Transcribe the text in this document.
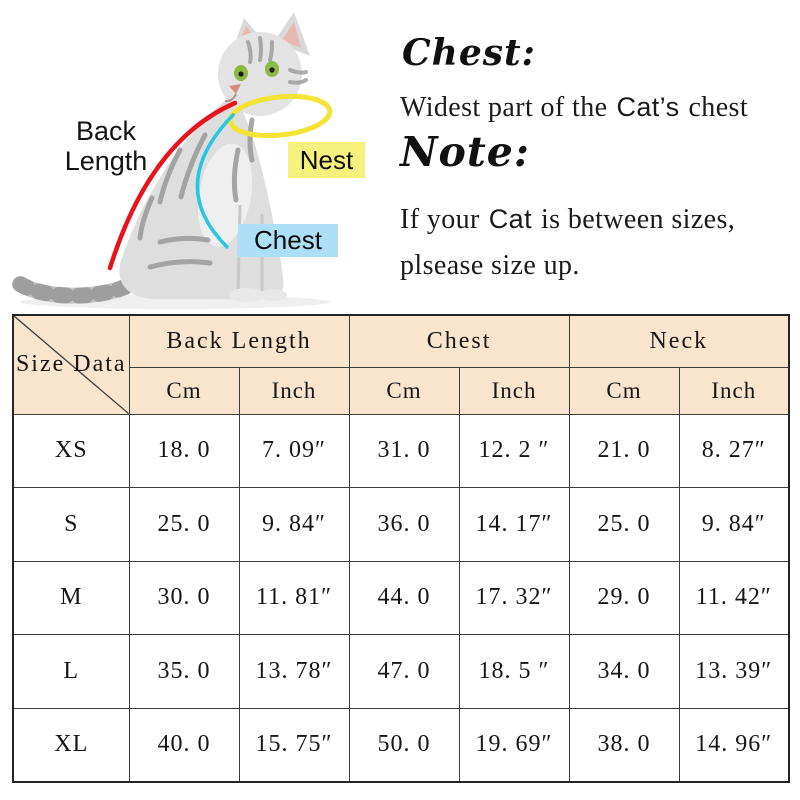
Back
Length	Nest
Chest
Chest:

Widest part of the Cat’s chest

Note:

If your Cat is between sizes,
plsease size up.

Size Data	Back Length		Chest		Neck	
	Cm	Inch	Cm	Inch	Cm	Inch
XS	18. 0	7. 09″	31. 0	12. 2 ″	21. 0	8. 27″
S	25. 0	9. 84″	36. 0	14. 17″	25. 0	9. 84″
M	30. 0	11. 81″	44. 0	17. 32″	29. 0	11. 42″
L	35. 0	13. 78″	47. 0	18. 5 ″	34. 0	13. 39″
XL	40. 0	15. 75″	50. 0	19. 69″	38. 0	14. 96″
